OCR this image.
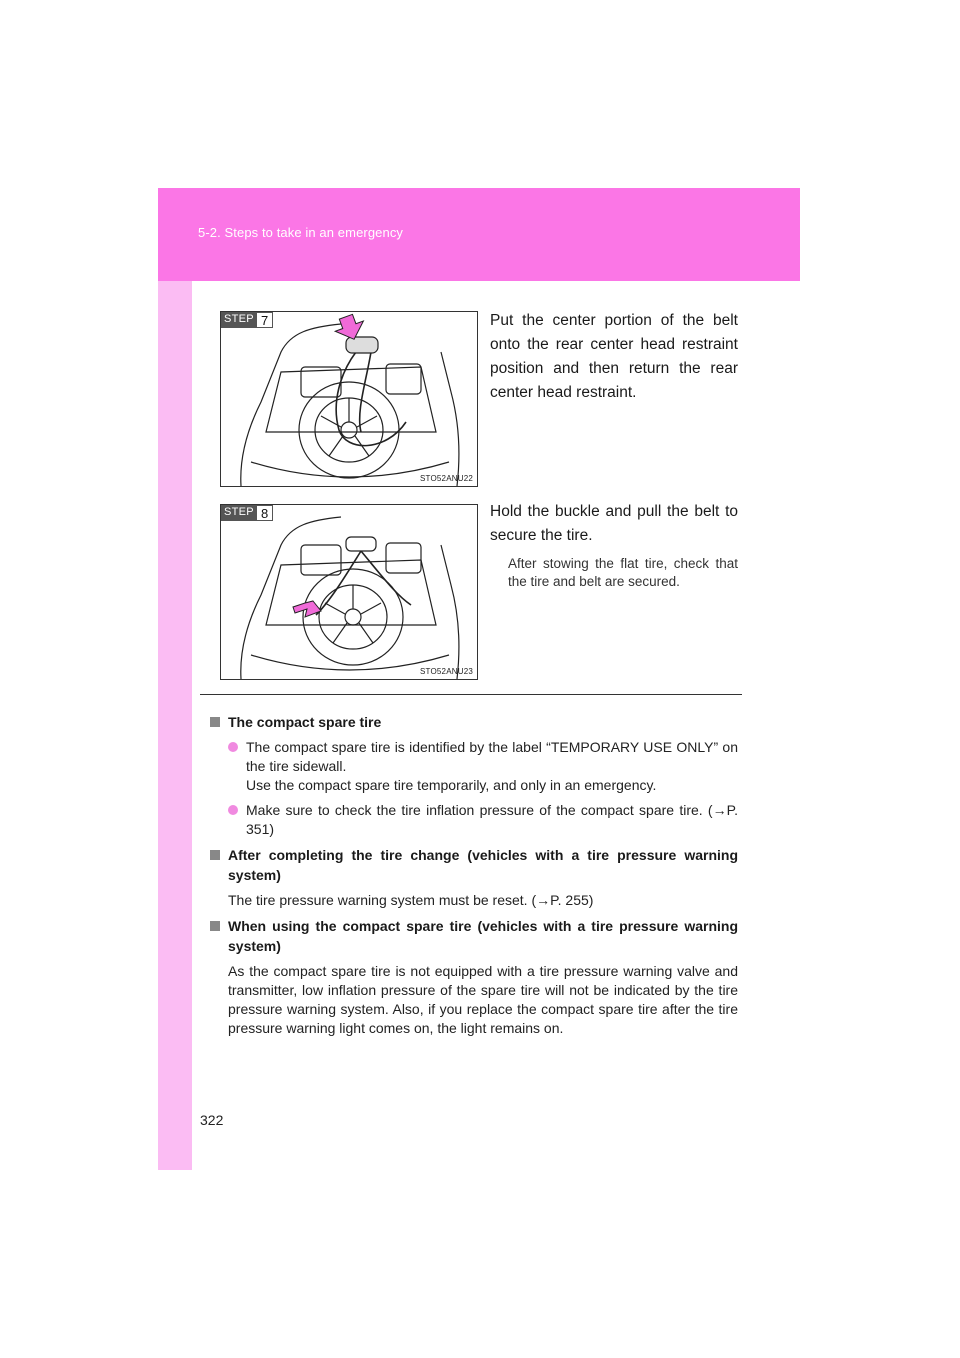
5-2. Steps to take in an emergency
STEP 7
STO52ANU22
Put the center portion of the belt onto the rear center head restraint position and then return the rear center head restraint.
STEP 8
STO52ANU23
Hold the buckle and pull the belt to secure the tire.
After stowing the flat tire, check that the tire and belt are secured.
The compact spare tire
The compact spare tire is identified by the label “TEMPORARY USE ONLY” on the tire sidewall.
Use the compact spare tire temporarily, and only in an emergency.
Make sure to check the tire inflation pressure of the compact spare tire. (→P. 351)
After completing the tire change (vehicles with a tire pressure warning system)
The tire pressure warning system must be reset. (→P. 255)
When using the compact spare tire (vehicles with a tire pressure warning system)
As the compact spare tire is not equipped with a tire pressure warning valve and transmitter, low inflation pressure of the spare tire will not be indicated by the tire pressure warning system. Also, if you replace the compact spare tire after the tire pressure warning light comes on, the light remains on.
322
